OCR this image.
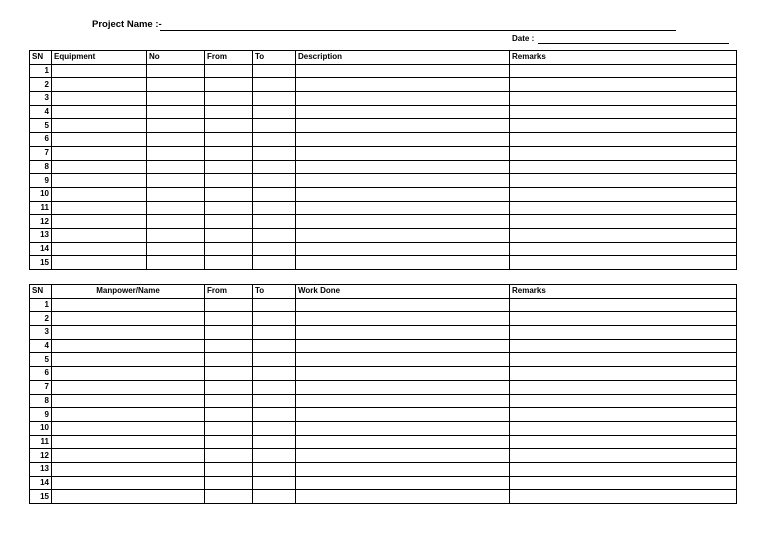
Project Name :-
Date :
SN	Equipment	No	From	To	Description	Remarks
1						
2						
3						
4						
5						
6						
7						
8						
9						
10						
11						
12						
13						
14						
15						
SN	Manpower/Name	From	To	Work Done	Remarks
1					
2					
3					
4					
5					
6					
7					
8					
9					
10					
11					
12					
13					
14					
15					
